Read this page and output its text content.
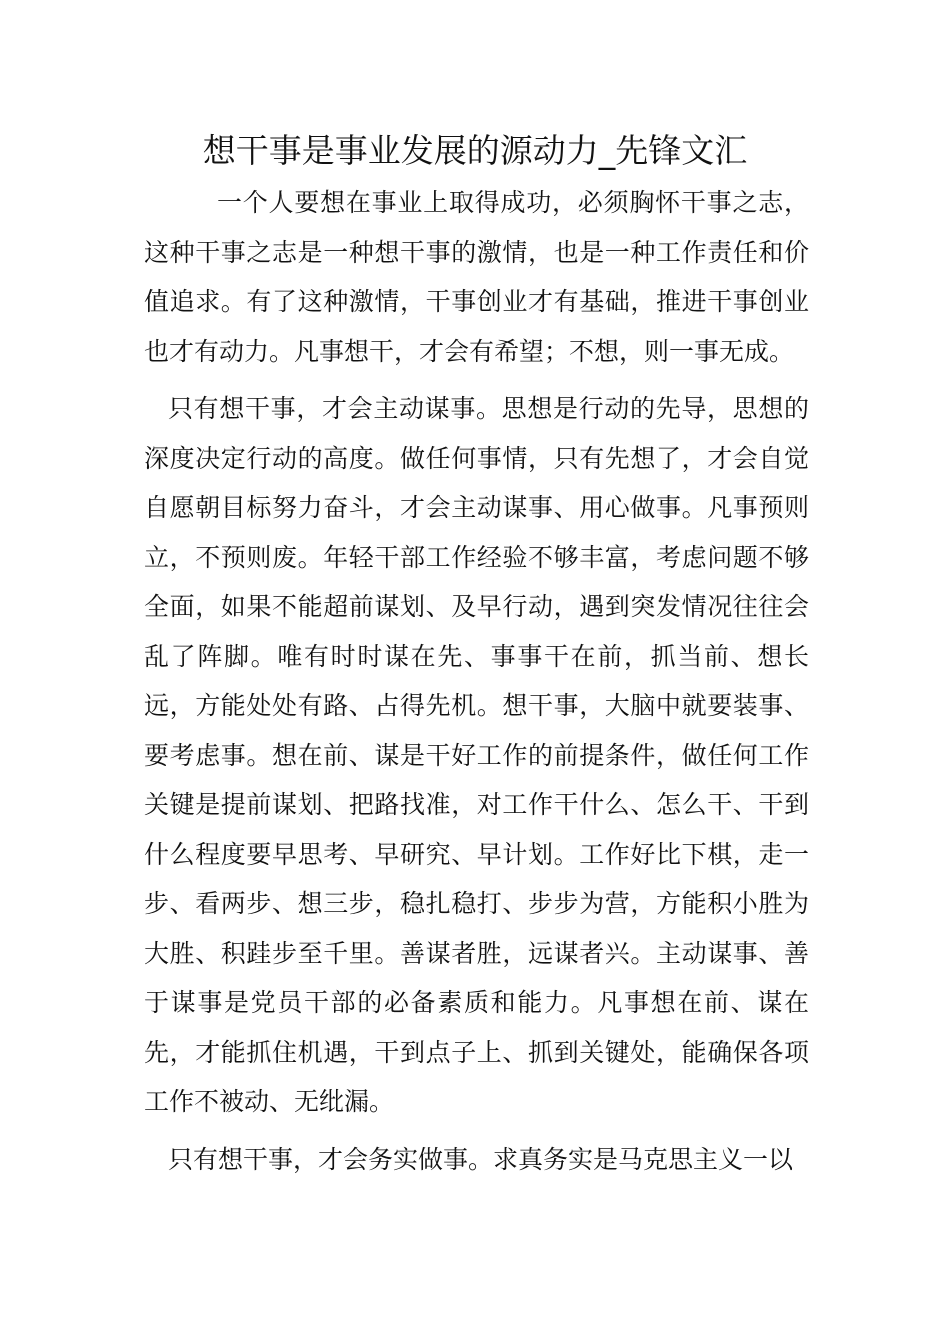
想干事是事业发展的源动力_先锋文汇

一个人要想在事业上取得成功，必须胸怀干事之志，这种干事之志是一种想干事的激情，也是一种工作责任和价值追求。有了这种激情，干事创业才有基础，推进干事创业也才有动力。凡事想干，才会有希望；不想，则一事无成。

只有想干事，才会主动谋事。思想是行动的先导，思想的深度决定行动的高度。做任何事情，只有先想了，才会自觉自愿朝目标努力奋斗，才会主动谋事、用心做事。凡事预则立，不预则废。年轻干部工作经验不够丰富，考虑问题不够全面，如果不能超前谋划、及早行动，遇到突发情况往往会乱了阵脚。唯有时时谋在先、事事干在前，抓当前、想长远，方能处处有路、占得先机。想干事，大脑中就要装事、要考虑事。想在前、谋是干好工作的前提条件，做任何工作关键是提前谋划、把路找准，对工作干什么、怎么干、干到什么程度要早思考、早研究、早计划。工作好比下棋，走一步、看两步、想三步，稳扎稳打、步步为营，方能积小胜为大胜、积跬步至千里。善谋者胜，远谋者兴。主动谋事、善于谋事是党员干部的必备素质和能力。凡事想在前、谋在先，才能抓住机遇，干到点子上、抓到关键处，能确保各项工作不被动、无纰漏。

只有想干事，才会务实做事。求真务实是马克思主义一以
